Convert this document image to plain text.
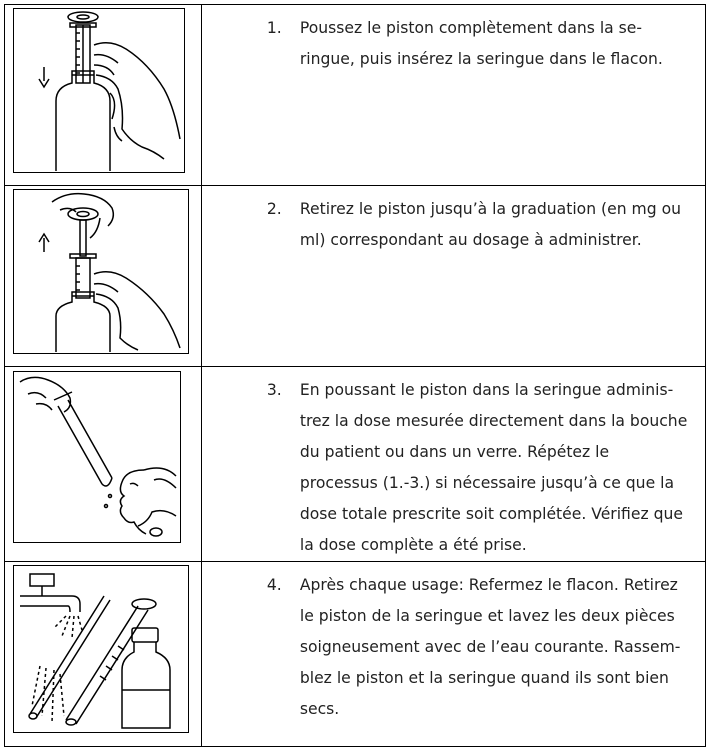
1. Poussez le piston complètement dans la se-ringue, puis insérez la seringue dans le flacon.

2. Retirez le piston jusqu’à la graduation (en mg ou ml) correspondant au dosage à administrer.

3. En poussant le piston dans la seringue adminis-trez la dose mesurée directement dans la bouche du patient ou dans un verre. Répétez le processus (1.-3.) si nécessaire jusqu’à ce que la dose totale prescrite soit complétée. Vérifiez que la dose complète a été prise.

4. Après chaque usage: Refermez le flacon. Retirez le piston de la seringue et lavez les deux pièces soigneusement avec de l’eau courante. Rassem-blez le piston et la seringue quand ils sont bien secs.
